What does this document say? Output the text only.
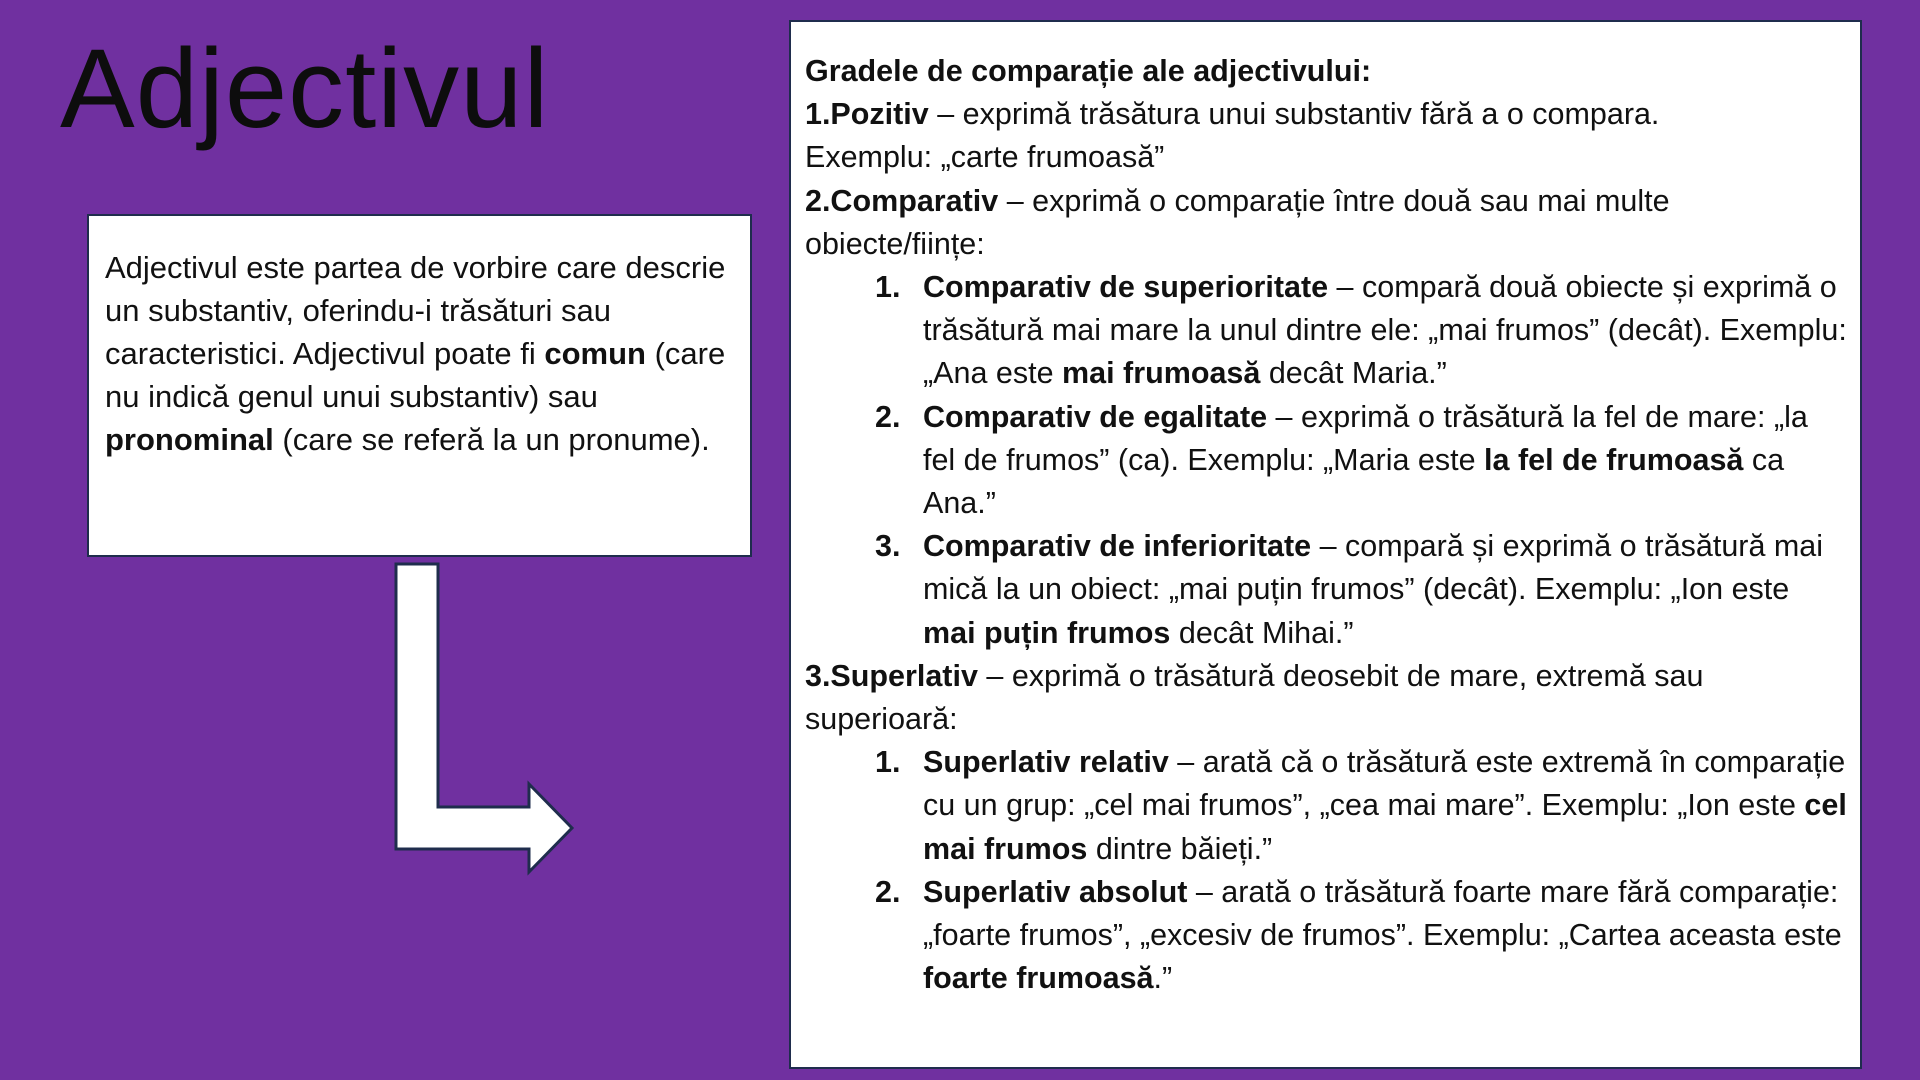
Adjectivul

Adjectivul este partea de vorbire care descrie un substantiv, oferindu-i trăsături sau caracteristici. Adjectivul poate fi comun (care nu indică genul unui substantiv) sau pronominal (care se referă la un pronume).

Gradele de comparație ale adjectivului:

1.Pozitiv – exprimă trăsătura unui substantiv fără a o compara.

Exemplu: „carte frumoasă”

2.Comparativ – exprimă o comparație între două sau mai multe obiecte/ființe:

1. Comparativ de superioritate – compară două obiecte și exprimă o trăsătură mai mare la unul dintre ele: „mai frumos” (decât). Exemplu: „Ana este mai frumoasă decât Maria.”
2. Comparativ de egalitate – exprimă o trăsătură la fel de mare: „la fel de frumos” (ca). Exemplu: „Maria este la fel de frumoasă ca Ana.”
3. Comparativ de inferioritate – compară și exprimă o trăsătură mai mică la un obiect: „mai puțin frumos” (decât). Exemplu: „Ion este mai puțin frumos decât Mihai.”

3.Superlativ – exprimă o trăsătură deosebit de mare, extremă sau superioară:

1. Superlativ relativ – arată că o trăsătură este extremă în comparație cu un grup: „cel mai frumos”, „cea mai mare”. Exemplu: „Ion este cel mai frumos dintre băieți.”
2. Superlativ absolut – arată o trăsătură foarte mare fără comparație: „foarte frumos”, „excesiv de frumos”. Exemplu: „Cartea aceasta este foarte frumoasă.”
